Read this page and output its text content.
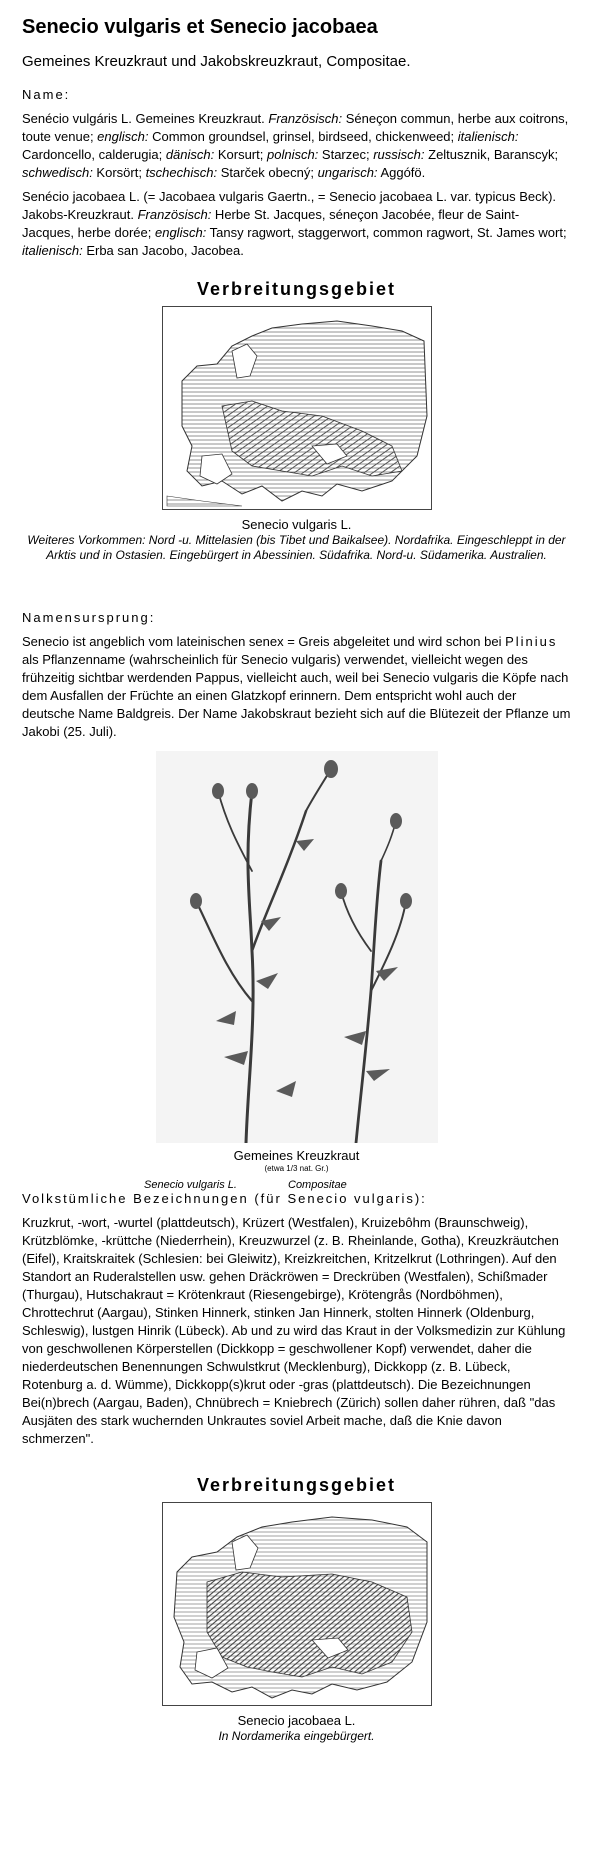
Senecio vulgaris et Senecio jacobaea
Gemeines Kreuzkraut und Jakobskreuzkraut, Compositae.
Name:

Senécio vulgáris L. Gemeines Kreuzkraut. Französisch: Séneçon commun, herbe aux coitrons, toute venue; englisch: Common groundsel, grinsel, birdseed, chickenweed; italienisch: Cardoncello, calderugia; dänisch: Korsurt; polnisch: Starzec; russisch: Zeltusznik, Baranscyk; schwedisch: Korsört; tschechisch: Starček obecný; ungarisch: Aggófö.

Senécio jacobaea L. (= Jacobaea vulgaris Gaertn., = Senecio jacobaea L. var. typicus Beck). Jakobs-Kreuzkraut. Französisch: Herbe St. Jacques, séneçon Jacobée, fleur de Saint-Jacques, herbe dorée; englisch: Tansy ragwort, staggerwort, common ragwort, St. James wort; italienisch: Erba san Jacobo, Jacobea.

Verbreitungsgebiet
Senecio vulgaris L.
Weiteres Vorkommen: Nord -u. Mittelasien (bis Tibet und Baikalsee). Nordafrika. Eingeschleppt in der Arktis und in Ostasien. Eingebürgert in Abessinien. Südafrika. Nord-u. Südamerika. Australien.
Namensursprung:

Senecio ist angeblich vom lateinischen senex = Greis abgeleitet und wird schon bei Plinius als Pflanzenname (wahrscheinlich für Senecio vulgaris) verwendet, vielleicht wegen des frühzeitig sichtbar werdenden Pappus, vielleicht auch, weil bei Senecio vulgaris die Köpfe nach dem Ausfallen der Früchte an einen Glatzkopf erinnern. Dem entspricht wohl auch der deutsche Name Baldgreis. Der Name Jakobskraut bezieht sich auf die Blütezeit der Pflanze um Jakobi (25. Juli).

Gemeines Kreuzkraut
(etwa 1/3 nat. Gr.)
Senecio vulgaris L.	Compositae
Volkstümliche Bezeichnungen (für Senecio vulgaris):

Kruzkrut, -wort, -wurtel (plattdeutsch), Krüzert (Westfalen), Kruizebôhm (Braunschweig), Krützblömke, -krüttche (Niederrhein), Kreuzwurzel (z. B. Rheinlande, Gotha), Kreuzkräutchen (Eifel), Kraitskraitek (Schlesien: bei Gleiwitz), Kreizkreitchen, Kritzelkrut (Lothringen). Auf den Standort an Ruderalstellen usw. gehen Dräckröwen = Dreckrüben (Westfalen), Schißmader (Thurgau), Hutschakraut = Krötenkraut (Riesengebirge), Krötengrås (Nordböhmen), Chrottechrut (Aargau), Stinken Hinnerk, stinken Jan Hinnerk, stolten Hinnerk (Oldenburg, Schleswig), lustgen Hinrik (Lübeck). Ab und zu wird das Kraut in der Volksmedizin zur Kühlung von geschwollenen Körperstellen (Dickkopp = geschwollener Kopf) verwendet, daher die niederdeutschen Benennungen Schwulstkrut (Mecklenburg), Dickkopp (z. B. Lübeck, Rotenburg a. d. Wümme), Dickkopp(s)krut oder -gras (plattdeutsch). Die Bezeichnungen Bei(n)brech (Aargau, Baden), Chnübrech = Kniebrech (Zürich) sollen daher rühren, daß "das Ausjäten des stark wuchernden Unkrautes soviel Arbeit mache, daß die Knie davon schmerzen".

Verbreitungsgebiet
Senecio jacobaea L.
In Nordamerika eingebürgert.
